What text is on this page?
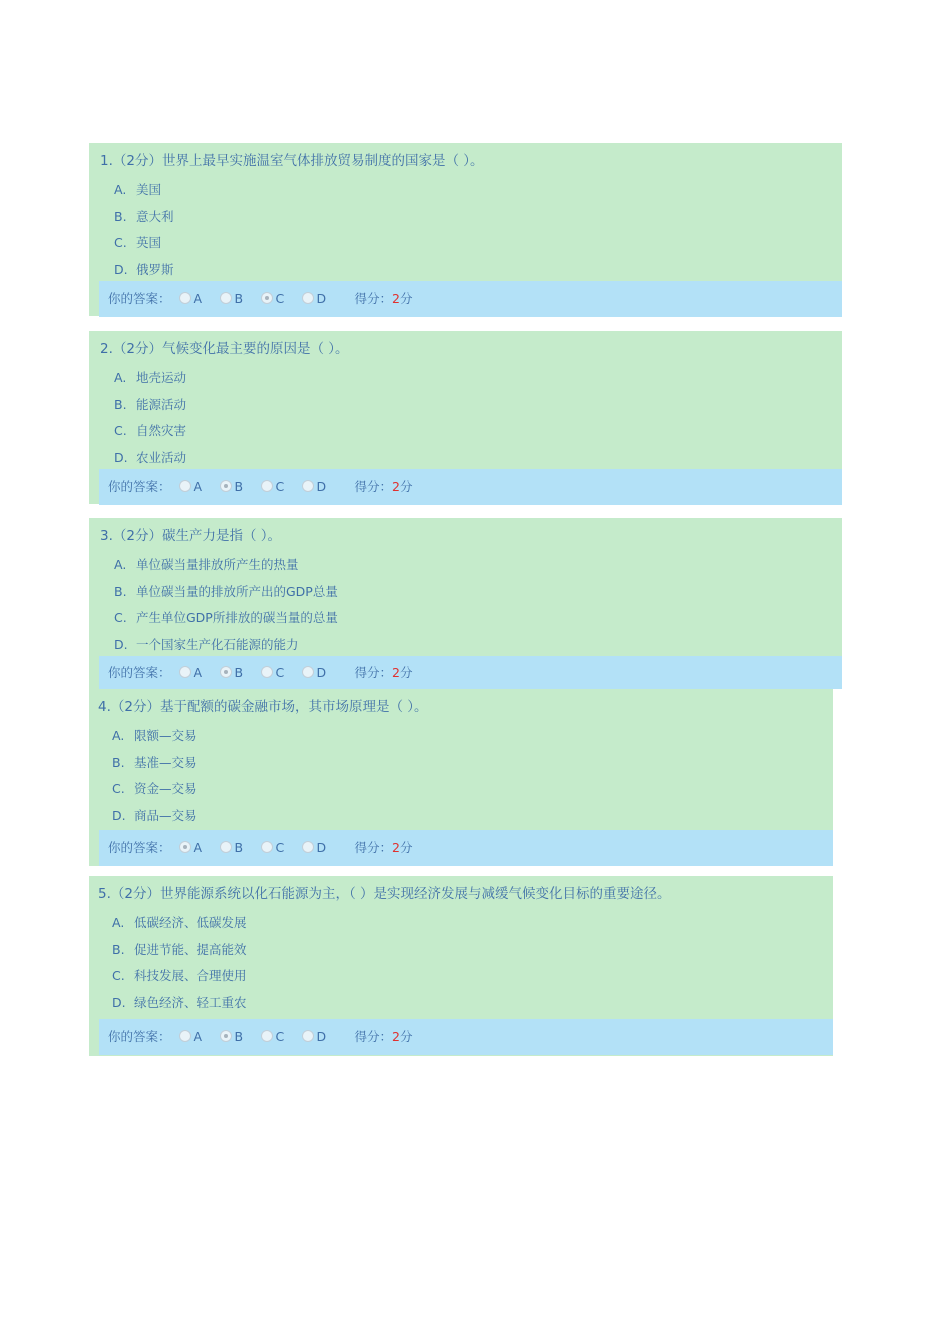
1.（2分）世界上最早实施温室气体排放贸易制度的国家是（ ）。
A. 美国
B. 意大利
C. 英国
D. 俄罗斯
你的答案： A	B	C	D 得分：2分
2.（2分）气候变化最主要的原因是（ ）。
A. 地壳运动
B. 能源活动
C. 自然灾害
D. 农业活动
你的答案： A	B	C	D 得分：2分
3.（2分）碳生产力是指（ ）。
A. 单位碳当量排放所产生的热量
B. 单位碳当量的排放所产出的GDP总量
C. 产生单位GDP所排放的碳当量的总量
D. 一个国家生产化石能源的能力
你的答案： A	B	C	D 得分：2分
4.（2分）基于配额的碳金融市场，其市场原理是（ ）。
A. 限额—交易
B. 基准—交易
C. 资金—交易
D. 商品—交易
你的答案： A	B	C	D 得分：2分
5.（2分）世界能源系统以化石能源为主，（ ）是实现经济发展与减缓气候变化目标的重要途径。
A. 低碳经济、低碳发展
B. 促进节能、提高能效
C. 科技发展、合理使用
D. 绿色经济、轻工重农
你的答案： A	B	C	D 得分：2分
